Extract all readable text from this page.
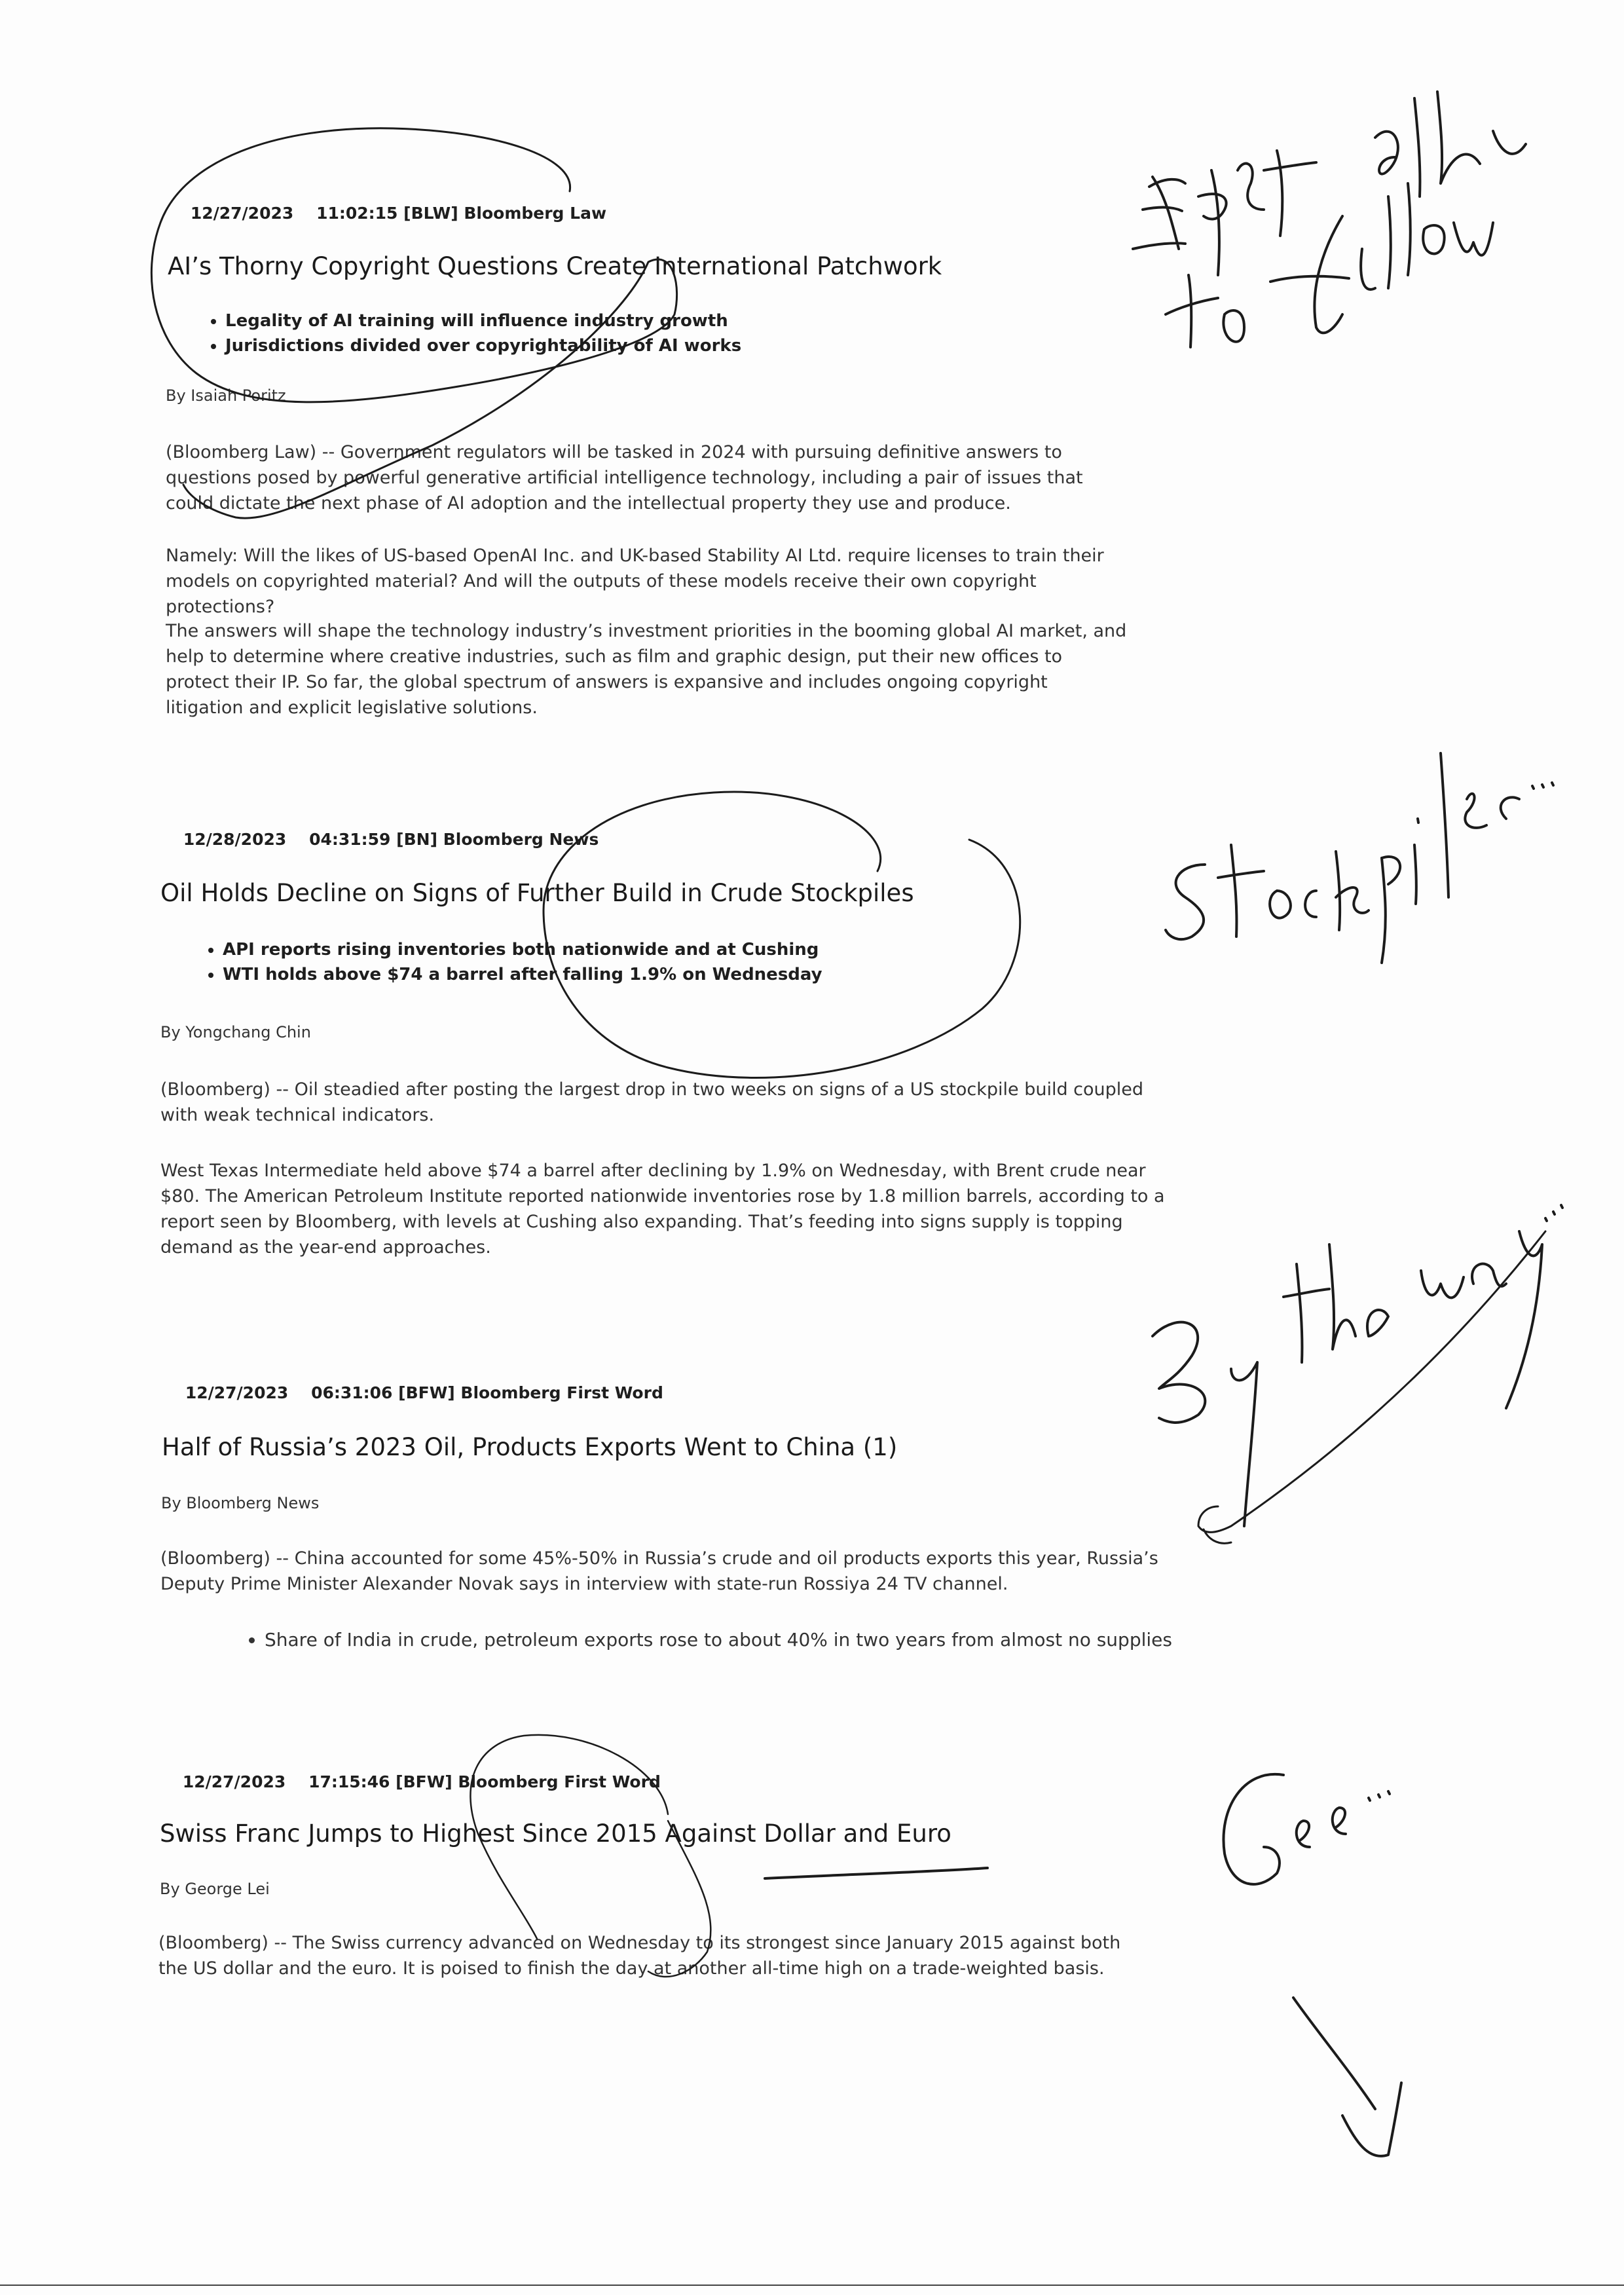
12/27/2023 11:02:15 [BLW] Bloomberg Law

AI’s Thorny Copyright Questions Create International Patchwork
• Legality of AI training will influence industry growth
• Jurisdictions divided over copyrightability of AI works
By Isaiah Poritz

(Bloomberg Law) -- Government regulators will be tasked in 2024 with pursuing definitive answers to questions posed by powerful generative artificial intelligence technology, including a pair of issues that could dictate the next phase of AI adoption and the intellectual property they use and produce.

Namely: Will the likes of US-based OpenAI Inc. and UK-based Stability AI Ltd. require licenses to train their models on copyrighted material? And will the outputs of these models receive their own copyright protections?

The answers will shape the technology industry’s investment priorities in the booming global AI market, and help to determine where creative industries, such as film and graphic design, put their new offices to protect their IP. So far, the global spectrum of answers is expansive and includes ongoing copyright litigation and explicit legislative solutions.

12/28/2023 04:31:59 [BN] Bloomberg News

Oil Holds Decline on Signs of Further Build in Crude Stockpiles
• API reports rising inventories both nationwide and at Cushing
• WTI holds above $74 a barrel after falling 1.9% on Wednesday
By Yongchang Chin

(Bloomberg) -- Oil steadied after posting the largest drop in two weeks on signs of a US stockpile build coupled with weak technical indicators.

West Texas Intermediate held above $74 a barrel after declining by 1.9% on Wednesday, with Brent crude near $80. The American Petroleum Institute reported nationwide inventories rose by 1.8 million barrels, according to a report seen by Bloomberg, with levels at Cushing also expanding. That’s feeding into signs supply is topping demand as the year-end approaches.

12/27/2023 06:31:06 [BFW] Bloomberg First Word

Half of Russia’s 2023 Oil, Products Exports Went to China (1)
By Bloomberg News

(Bloomberg) -- China accounted for some 45%-50% in Russia’s crude and oil products exports this year, Russia’s Deputy Prime Minister Alexander Novak says in interview with state-run Rossiya 24 TV channel.

• Share of India in crude, petroleum exports rose to about 40% in two years from almost no supplies

12/27/2023 17:15:46 [BFW] Bloomberg First Word

Swiss Franc Jumps to Highest Since 2015 Against Dollar and Euro
By George Lei

(Bloomberg) -- The Swiss currency advanced on Wednesday to its strongest since January 2015 against both the US dollar and the euro. It is poised to finish the day at another all-time high on a trade-weighted basis.
